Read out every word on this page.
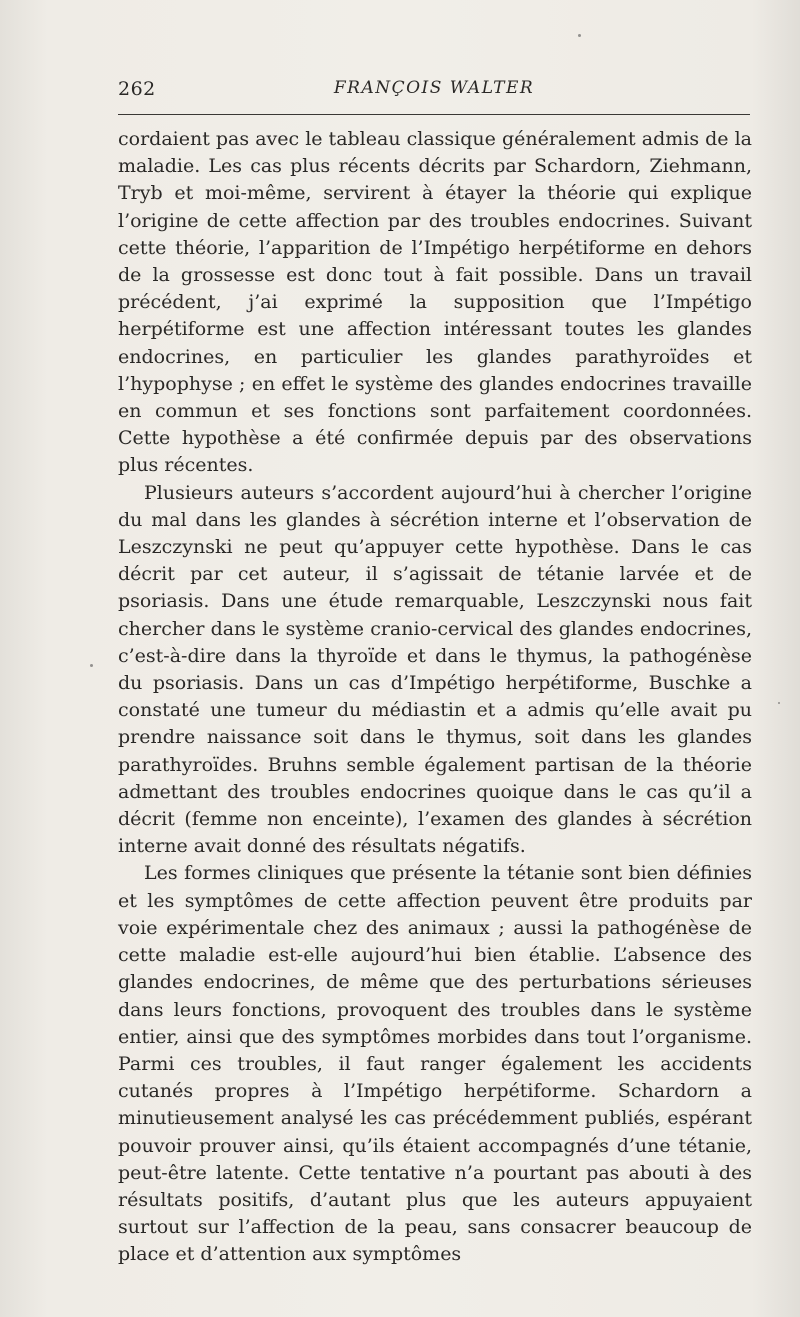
262	FRANÇOIS WALTER

cordaient pas avec le tableau classique généralement admis de la maladie. Les cas plus récents décrits par Schardorn, Ziehmann, Tryb et moi-même, servirent à étayer la théorie qui explique l’origine de cette affection par des troubles endocrines. Suivant cette théorie, l’apparition de l’Impétigo herpétiforme en dehors de la grossesse est donc tout à fait possible. Dans un travail précédent, j’ai exprimé la supposition que l’Impétigo herpétiforme est une affection intéressant toutes les glandes endocrines, en particulier les glandes parathyroïdes et l’hypophyse ; en effet le système des glandes endocrines travaille en commun et ses fonctions sont parfaitement coordonnées. Cette hypothèse a été confirmée depuis par des observations plus récentes.

Plusieurs auteurs s’accordent aujourd’hui à chercher l’origine du mal dans les glandes à sécrétion interne et l’observation de Leszczynski ne peut qu’appuyer cette hypothèse. Dans le cas décrit par cet auteur, il s’agissait de tétanie larvée et de psoriasis. Dans une étude remarquable, Leszczynski nous fait chercher dans le système cranio-cervical des glandes endocrines, c’est-à-dire dans la thyroïde et dans le thymus, la pathogénèse du psoriasis. Dans un cas d’Impétigo herpétiforme, Buschke a constaté une tumeur du médiastin et a admis qu’elle avait pu prendre naissance soit dans le thymus, soit dans les glandes parathyroïdes. Bruhns semble également partisan de la théorie admettant des troubles endocrines quoique dans le cas qu’il a décrit (femme non enceinte), l’examen des glandes à sécrétion interne avait donné des résultats négatifs.

Les formes cliniques que présente la tétanie sont bien définies et les symptômes de cette affection peuvent être produits par voie expérimentale chez des animaux ; aussi la pathogénèse de cette maladie est-elle aujourd’hui bien établie. L’absence des glandes endocrines, de même que des perturbations sérieuses dans leurs fonctions, provoquent des troubles dans le système entier, ainsi que des symptômes morbides dans tout l’organisme. Parmi ces troubles, il faut ranger également les accidents cutanés propres à l’Impétigo herpétiforme. Schardorn a minutieusement analysé les cas précédemment publiés, espérant pouvoir prouver ainsi, qu’ils étaient accompagnés d’une tétanie, peut-être latente. Cette tentative n’a pourtant pas abouti à des résultats positifs, d’autant plus que les auteurs appuyaient surtout sur l’affection de la peau, sans consacrer beaucoup de place et d’attention aux symptômes
